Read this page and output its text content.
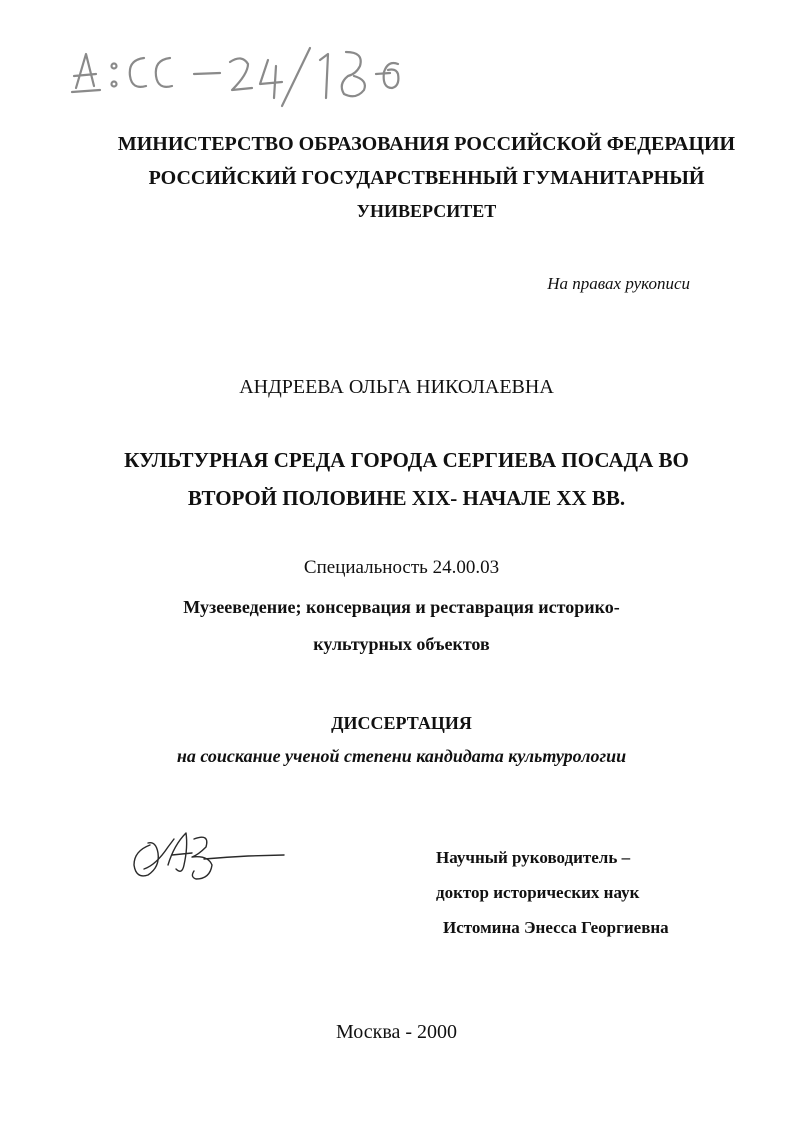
МИНИСТЕРСТВО ОБРАЗОВАНИЯ РОССИЙСКОЙ ФЕДЕРАЦИИ
РОССИЙСКИЙ ГОСУДАРСТВЕННЫЙ ГУМАНИТАРНЫЙ
УНИВЕРСИТЕТ
На правах рукописи
АНДРЕЕВА ОЛЬГА НИКОЛАЕВНА
КУЛЬТУРНАЯ СРЕДА ГОРОДА СЕРГИЕВА ПОСАДА ВО
ВТОРОЙ ПОЛОВИНЕ XIX- НАЧАЛЕ XX ВВ.
Специальность 24.00.03
Музееведение; консервация и реставрация историко-
культурных объектов
ДИССЕРТАЦИЯ
на соискание ученой степени кандидата культурологии
Научный руководитель –
доктор исторических наук
Истомина Энесса Георгиевна
Москва - 2000
